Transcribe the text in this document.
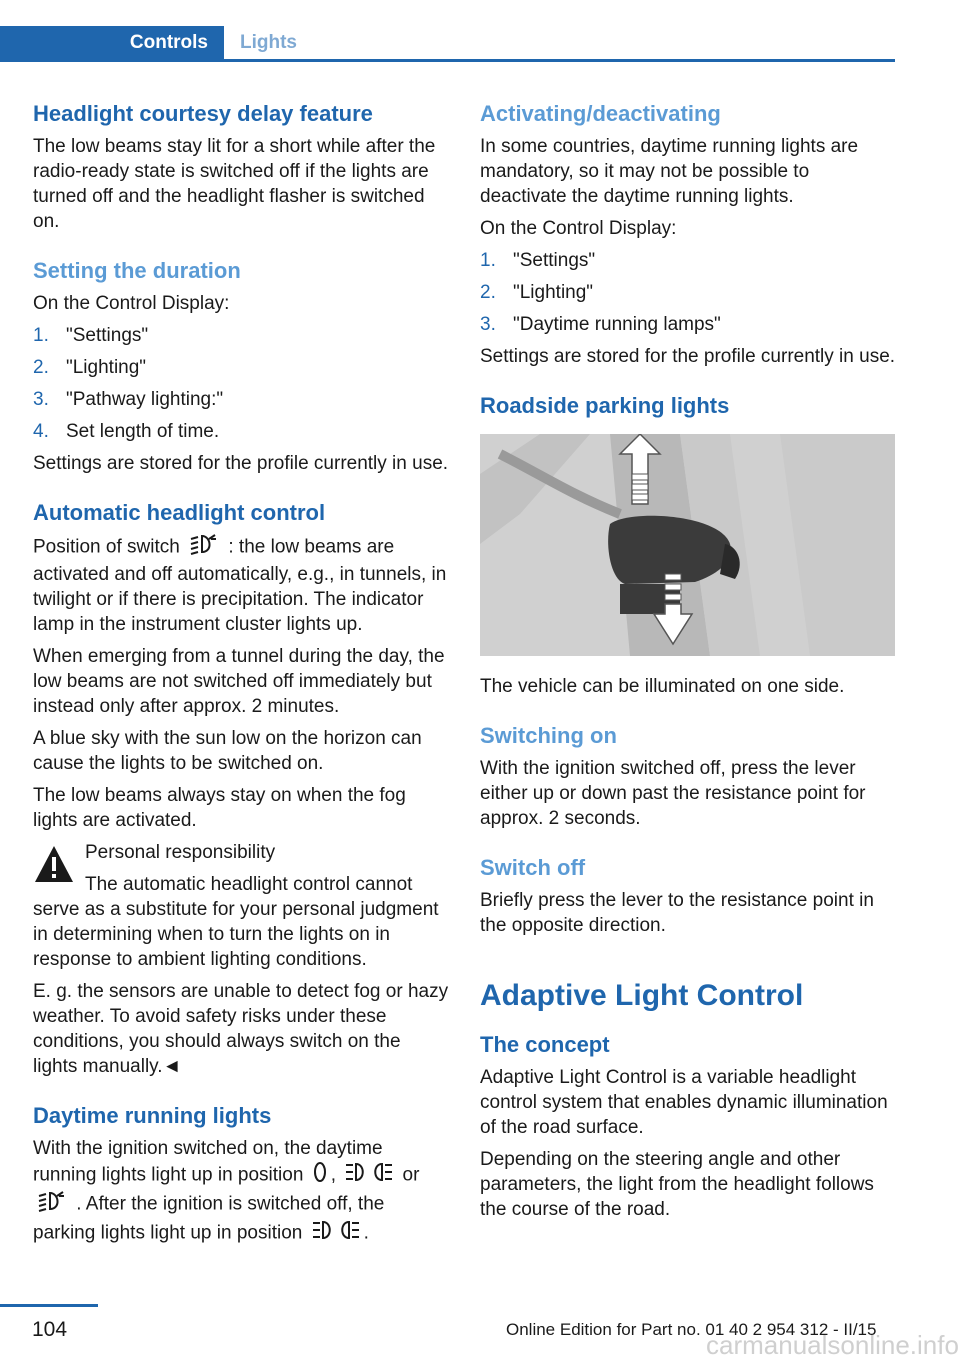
Controls	Lights
Headlight courtesy delay feature

The low beams stay lit for a short while after the radio-ready state is switched off if the lights are turned off and the headlight flasher is switched on.

Setting the duration

On the Control Display:

1. "Settings"
2. "Lighting"
3. "Pathway lighting:"
4. Set length of time.

Settings are stored for the profile currently in use.

Automatic headlight control

Position of switch	: the low beams are activated and off automatically, e.g., in tunnels, in twilight or if there is precipitation. The indicator lamp in the instrument cluster lights up.

When emerging from a tunnel during the day, the low beams are not switched off immediately but instead only after approx. 2 minutes.

A blue sky with the sun low on the horizon can cause the lights to be switched on.

The low beams always stay on when the fog lights are activated.

Personal responsibility

The automatic headlight control cannot serve as a substitute for your personal judgment in determining when to turn the lights on in response to ambient lighting conditions.

E. g. the sensors are unable to detect fog or hazy weather. To avoid safety risks under these conditions, you should always switch on the lights manually.◄

Daytime running lights

With the ignition switched on, the daytime running lights light up in position ,	or  . After the ignition is switched off, the parking lights light up in position	.

Activating/deactivating

In some countries, daytime running lights are mandatory, so it may not be possible to deactivate the daytime running lights.

On the Control Display:

1. "Settings"
2. "Lighting"
3. "Daytime running lamps"

Settings are stored for the profile currently in use.

Roadside parking lights

The vehicle can be illuminated on one side.

Switching on

With the ignition switched off, press the lever either up or down past the resistance point for approx. 2 seconds.

Switch off

Briefly press the lever to the resistance point in the opposite direction.

Adaptive Light Control
The concept

Adaptive Light Control is a variable headlight control system that enables dynamic illumination of the road surface.

Depending on the steering angle and other parameters, the light from the headlight follows the course of the road.

104	Online Edition for Part no. 01 40 2 954 312 - II/15
carmanualsonline.info
